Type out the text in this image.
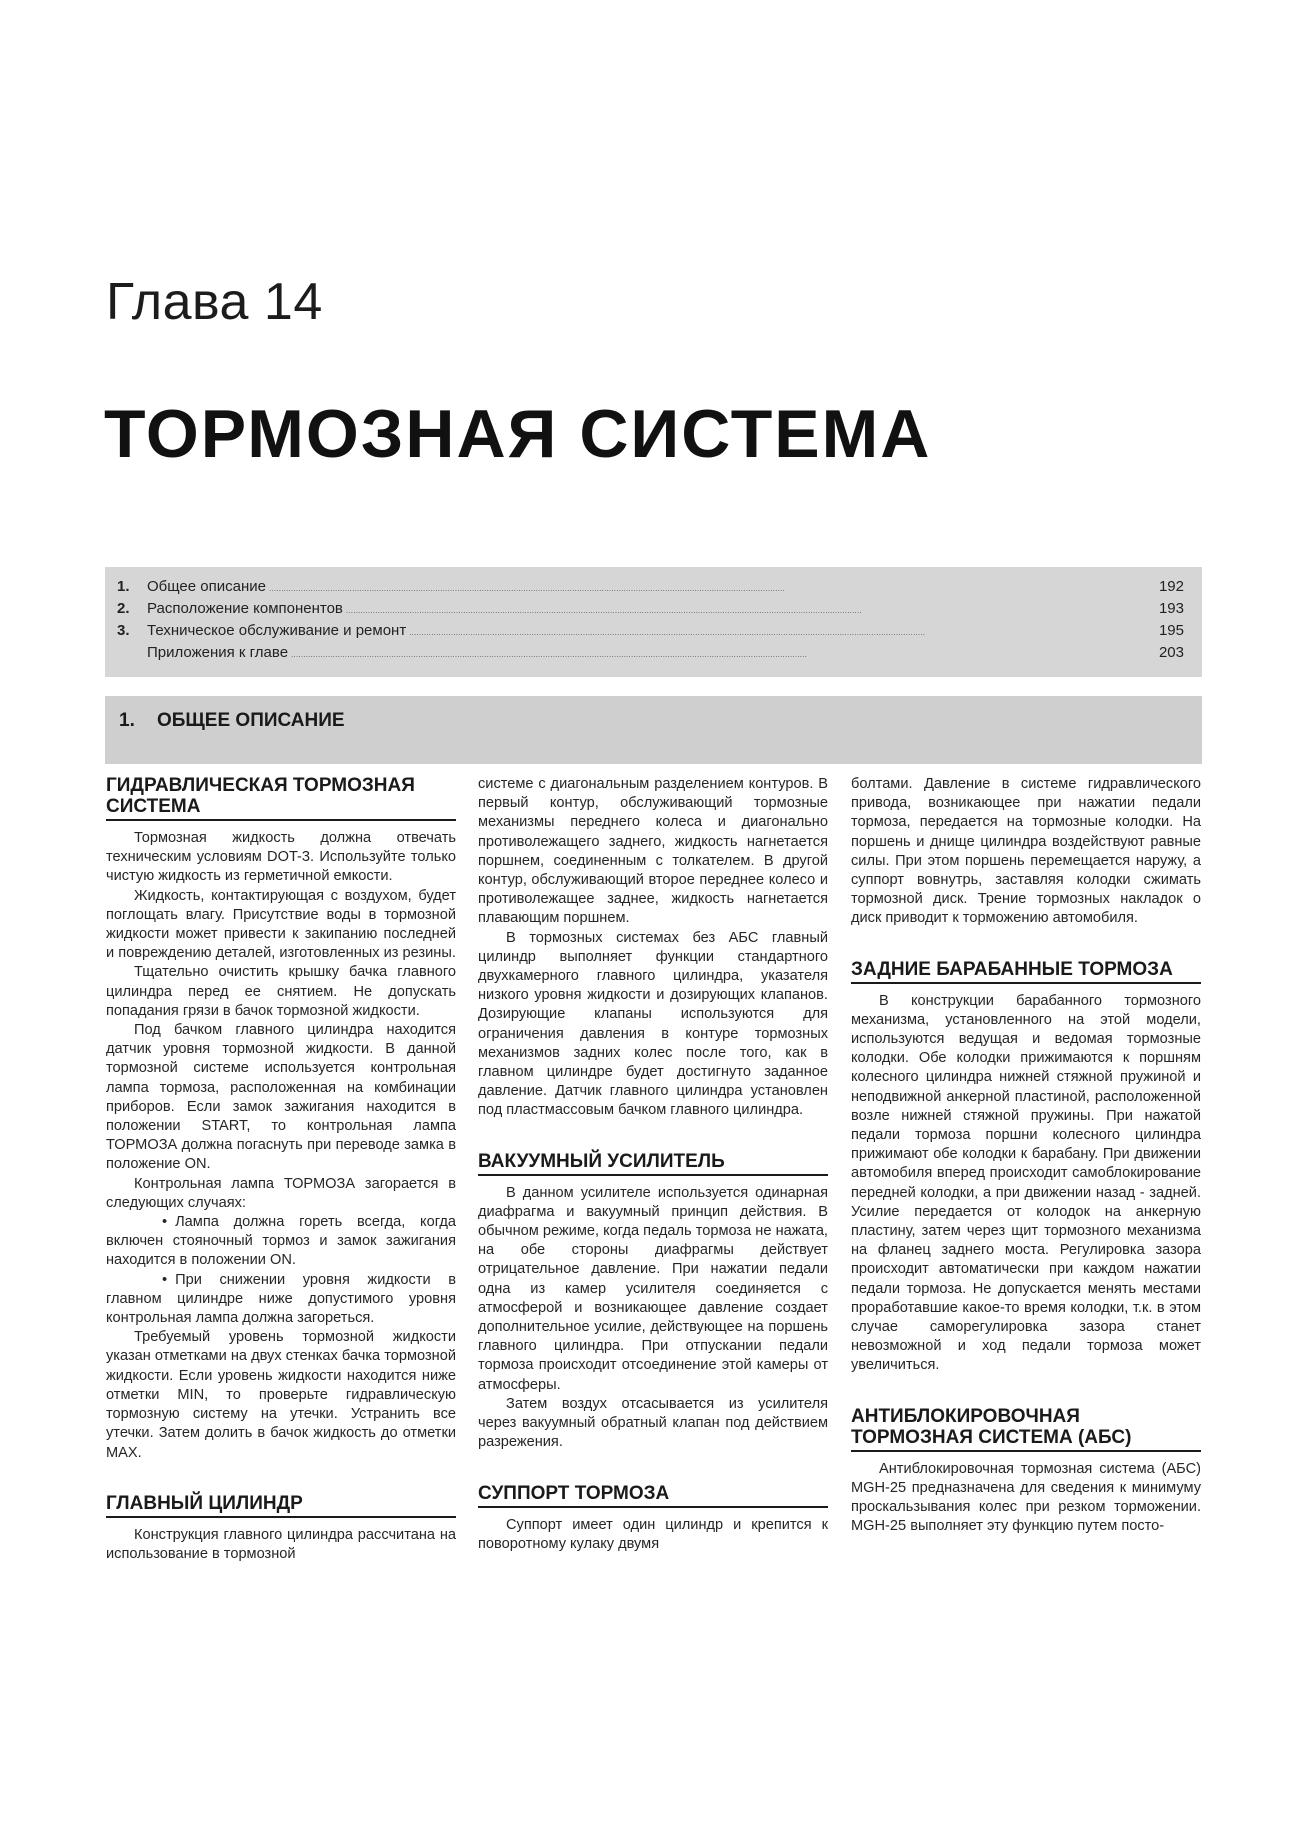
Глава 14
ТОРМОЗНАЯ СИСТЕМА
1.	Общее описание . . .	192
2.	Расположение компонентов . . .	193
3.	Техническое обслуживание и ремонт . . .	195
Приложения к главе . . .	203
1. ОБЩЕЕ ОПИСАНИЕ
ГИДРАВЛИЧЕСКАЯ ТОРМОЗНАЯ СИСТЕМА

Тормозная жидкость должна отвечать техническим условиям DOT-3. Используйте только чистую жидкость из герметичной емкости.

Жидкость, контактирующая с воздухом, будет поглощать влагу. Присутствие воды в тормозной жидкости может привести к закипанию последней и повреждению деталей, изготовленных из резины.

Тщательно очистить крышку бачка главного цилиндра перед ее снятием. Не допускать попадания грязи в бачок тормозной жидкости.

Под бачком главного цилиндра находится датчик уровня тормозной жидкости. В данной тормозной системе используется контрольная лампа тормоза, расположенная на комбинации приборов. Если замок зажигания находится в положении START, то контрольная лампа ТОРМОЗА должна погаснуть при переводе замка в положение ON.

Контрольная лампа ТОРМОЗА загорается в следующих случаях:

• Лампа должна гореть всегда, когда включен стояночный тормоз и замок зажигания находится в положении ON.

• При снижении уровня жидкости в главном цилиндре ниже допустимого уровня контрольная лампа должна загореться.

Требуемый уровень тормозной жидкости указан отметками на двух стенках бачка тормозной жидкости. Если уровень жидкости находится ниже отметки MIN, то проверьте гидравлическую тормозную систему на утечки. Устранить все утечки. Затем долить в бачок жидкость до отметки MAX.

ГЛАВНЫЙ ЦИЛИНДР

Конструкция главного цилиндра рассчитана на использование в тормозной

системе с диагональным разделением контуров. В первый контур, обслуживающий тормозные механизмы переднего колеса и диагонально противолежащего заднего, жидкость нагнетается поршнем, соединенным с толкателем. В другой контур, обслуживающий второе переднее колесо и противолежащее заднее, жидкость нагнетается плавающим поршнем.

В тормозных системах без АБС главный цилиндр выполняет функции стандартного двухкамерного главного цилиндра, указателя низкого уровня жидкости и дозирующих клапанов. Дозирующие клапаны используются для ограничения давления в контуре тормозных механизмов задних колес после того, как в главном цилиндре будет достигнуто заданное давление. Датчик главного цилиндра установлен под пластмассовым бачком главного цилиндра.

ВАКУУМНЫЙ УСИЛИТЕЛЬ

В данном усилителе используется одинарная диафрагма и вакуумный принцип действия. В обычном режиме, когда педаль тормоза не нажата, на обе стороны диафрагмы действует отрицательное давление. При нажатии педали одна из камер усилителя соединяется с атмосферой и возникающее давление создает дополнительное усилие, действующее на поршень главного цилиндра. При отпускании педали тормоза происходит отсоединение этой камеры от атмосферы.

Затем воздух отсасывается из усилителя через вакуумный обратный клапан под действием разрежения.

СУППОРТ ТОРМОЗА

Суппорт имеет один цилиндр и крепится к поворотному кулаку двумя

болтами. Давление в системе гидравлического привода, возникающее при нажатии педали тормоза, передается на тормозные колодки. На поршень и днище цилиндра воздействуют равные силы. При этом поршень перемещается наружу, а суппорт вовнутрь, заставляя колодки сжимать тормозной диск. Трение тормозных накладок о диск приводит к торможению автомобиля.

ЗАДНИЕ БАРАБАННЫЕ ТОРМОЗА

В конструкции барабанного тормозного механизма, установленного на этой модели, используются ведущая и ведомая тормозные колодки. Обе колодки прижимаются к поршням колесного цилиндра нижней стяжной пружиной и неподвижной анкерной пластиной, расположенной возле нижней стяжной пружины. При нажатой педали тормоза поршни колесного цилиндра прижимают обе колодки к барабану. При движении автомобиля вперед происходит самоблокирование передней колодки, а при движении назад - задней. Усилие передается от колодок на анкерную пластину, затем через щит тормозного механизма на фланец заднего моста. Регулировка зазора происходит автоматически при каждом нажатии педали тормоза. Не допускается менять местами проработавшие какое-то время колодки, т.к. в этом случае саморегулировка зазора станет невозможной и ход педали тормоза может увеличиться.

АНТИБЛОКИРОВОЧНАЯ ТОРМОЗНАЯ СИСТЕМА (АБС)

Антиблокировочная тормозная система (АБС) MGH-25 предназначена для сведения к минимуму проскальзывания колес при резком торможении. MGH-25 выполняет эту функцию путем посто-
